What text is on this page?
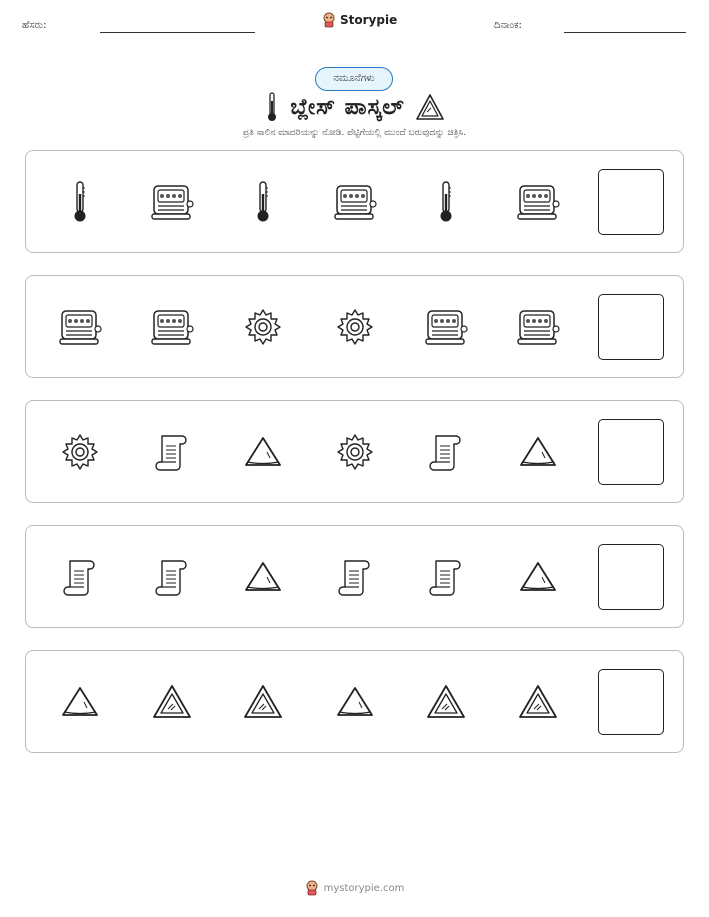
ಹೆಸರು:	Storypie	ದಿನಾಂಕ:
ನಮೂನೆಗಳು
ಬ್ಲೇಸ್ ಪಾಸ್ಕಲ್
ಪ್ರತಿ ಸಾಲಿನ ಮಾದರಿಯನ್ನು ನೋಡಿ. ಪೆಟ್ಟಿಗೆಯಲ್ಲಿ ಮುಂದೆ ಬರುವುದನ್ನು ಚಿತ್ರಿಸಿ.
mystorypie.com
